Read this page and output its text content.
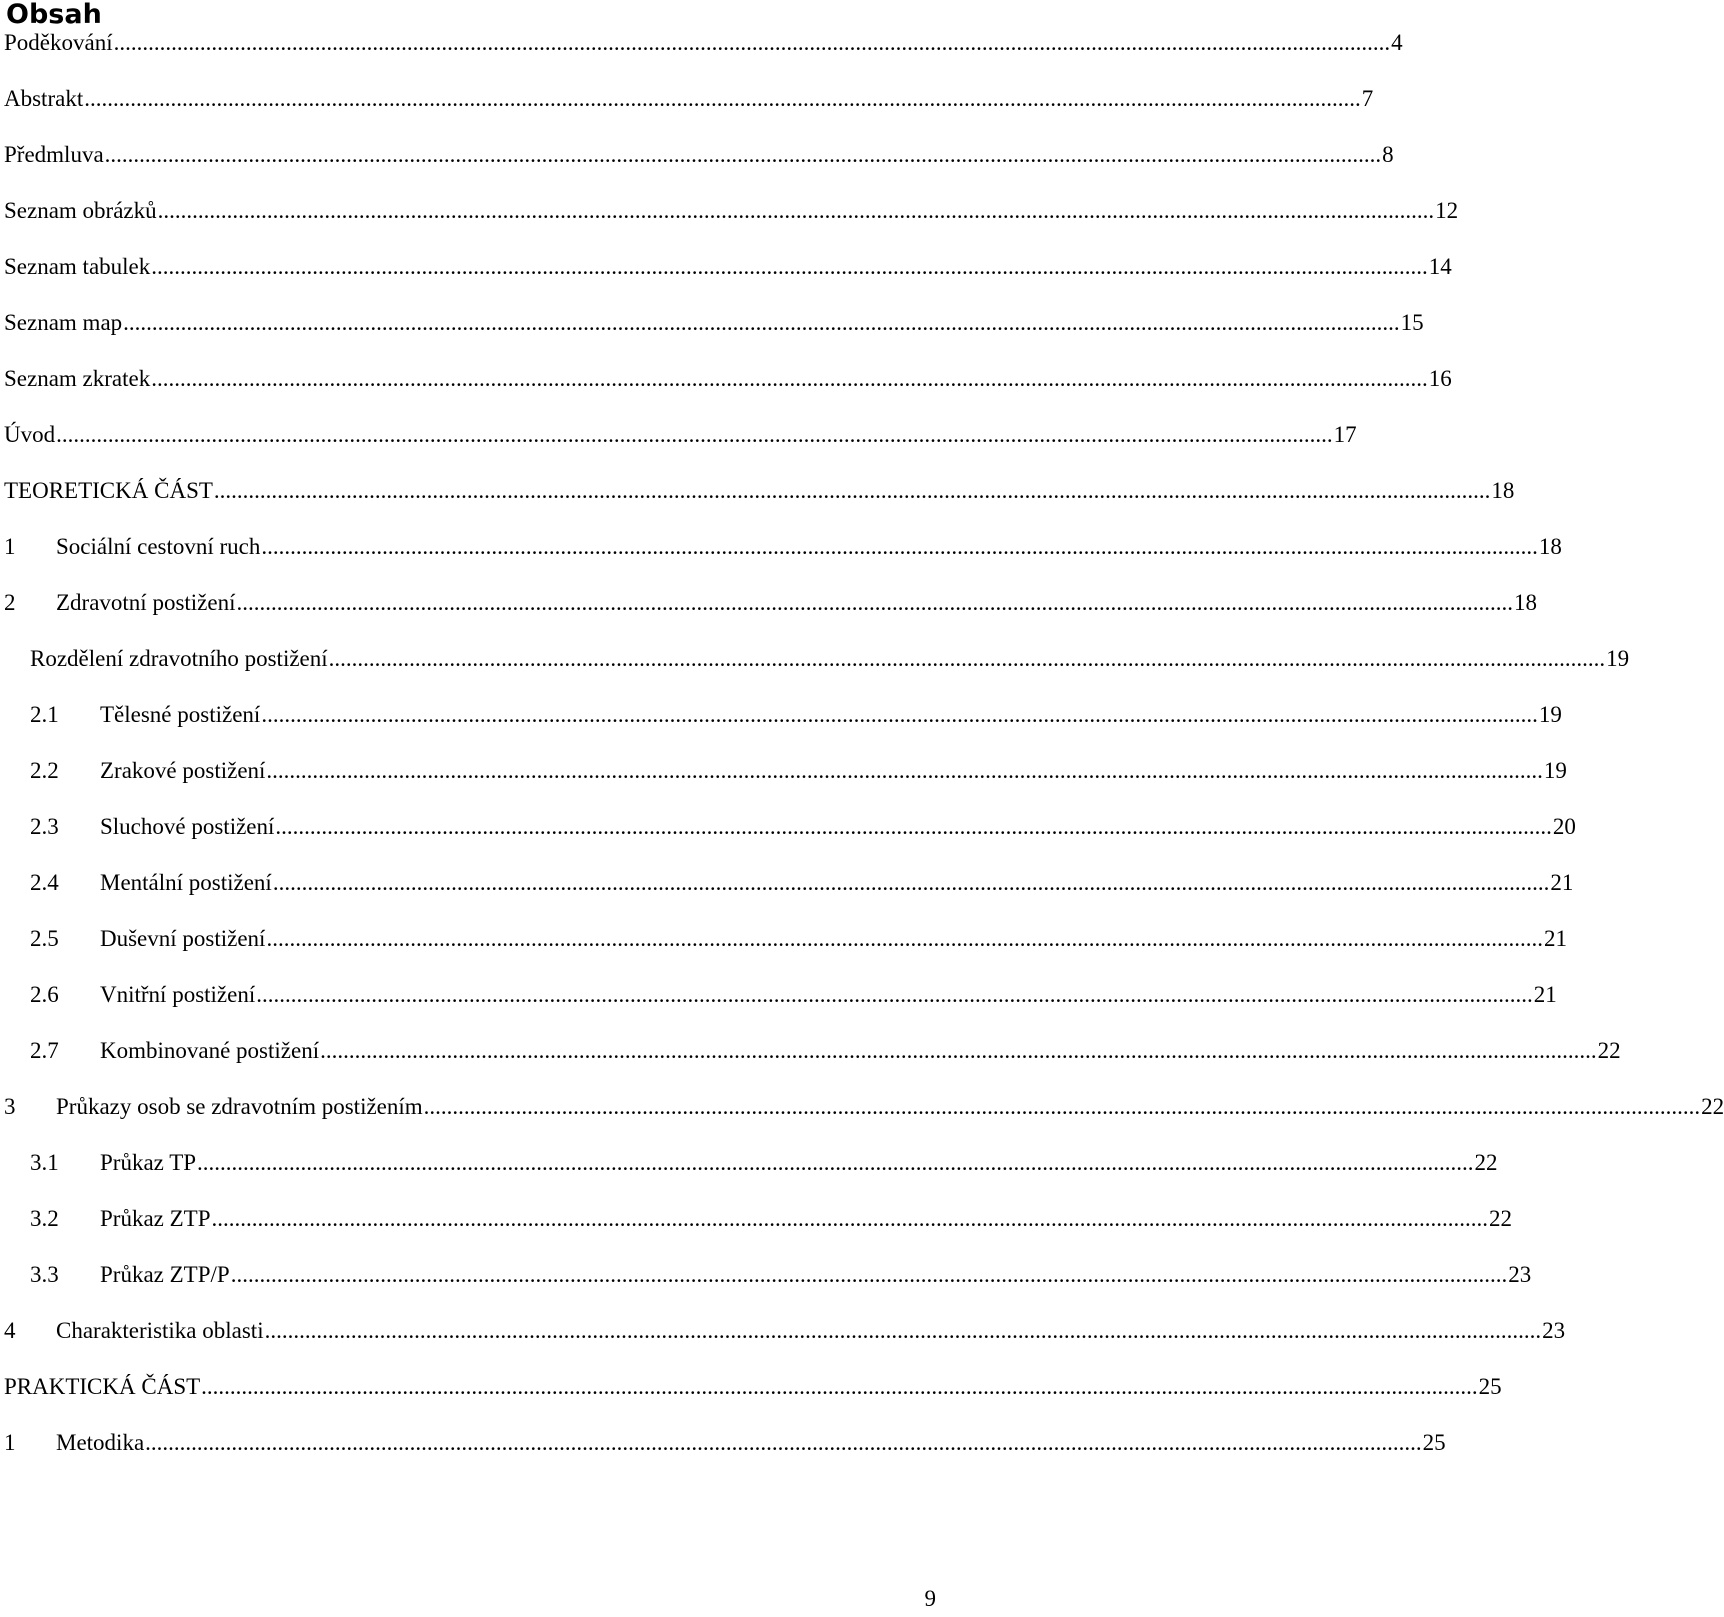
Obsah
Poděkování .............................................................................................................................................................................................................................. 4
Abstrakt .............................................................................................................................................................................................................................. 7
Předmluva .............................................................................................................................................................................................................................. 8
Seznam obrázků .............................................................................................................................................................................................................................. 12
Seznam tabulek .............................................................................................................................................................................................................................. 14
Seznam map .............................................................................................................................................................................................................................. 15
Seznam zkratek .............................................................................................................................................................................................................................. 16
Úvod .............................................................................................................................................................................................................................. 17
TEORETICKÁ ČÁST .............................................................................................................................................................................................................................. 18
1	Sociální cestovní ruch .............................................................................................................................................................................................................................. 18
2	Zdravotní postižení .............................................................................................................................................................................................................................. 18
Rozdělení zdravotního postižení .............................................................................................................................................................................................................................. 19
2.1	Tělesné postižení .............................................................................................................................................................................................................................. 19
2.2	Zrakové postižení .............................................................................................................................................................................................................................. 19
2.3	Sluchové postižení .............................................................................................................................................................................................................................. 20
2.4	Mentální postižení .............................................................................................................................................................................................................................. 21
2.5	Duševní postižení .............................................................................................................................................................................................................................. 21
2.6	Vnitřní postižení .............................................................................................................................................................................................................................. 21
2.7	Kombinované postižení .............................................................................................................................................................................................................................. 22
3	Průkazy osob se zdravotním postižením .............................................................................................................................................................................................................................. 22
3.1	Průkaz TP .............................................................................................................................................................................................................................. 22
3.2	Průkaz ZTP .............................................................................................................................................................................................................................. 22
3.3	Průkaz ZTP/P .............................................................................................................................................................................................................................. 23
4	Charakteristika oblasti .............................................................................................................................................................................................................................. 23
PRAKTICKÁ ČÁST .............................................................................................................................................................................................................................. 25
1	Metodika .............................................................................................................................................................................................................................. 25
9
